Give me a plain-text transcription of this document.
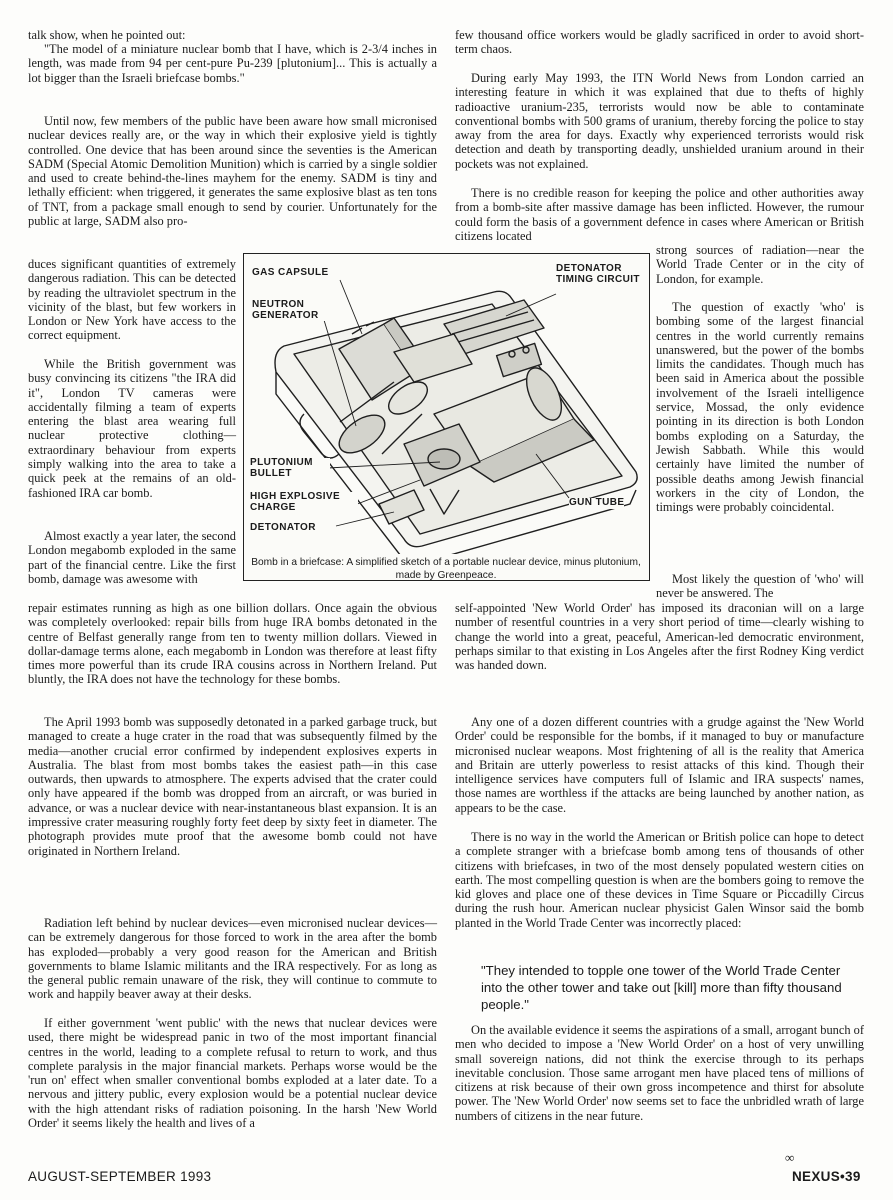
talk show, when he pointed out:

"The model of a miniature nuclear bomb that I have, which is 2-3/4 inches in length, was made from 94 per cent-pure Pu-239 [plutonium]... This is actually a lot bigger than the Israeli briefcase bombs."

Until now, few members of the public have been aware how small micronised nuclear devices really are, or the way in which their explosive yield is tightly controlled. One device that has been around since the seventies is the American SADM (Special Atomic Demolition Munition) which is carried by a single soldier and used to create behind-the-lines mayhem for the enemy. SADM is tiny and lethally efficient: when triggered, it generates the same explosive blast as ten tons of TNT, from a package small enough to send by courier. Unfortunately for the public at large, SADM also pro-

duces significant quantities of extremely dangerous radiation. This can be detected by reading the ultraviolet spectrum in the vicinity of the blast, but few workers in London or New York have access to the correct equipment.

While the British government was busy convincing its citizens "the IRA did it", London TV cameras were accidentally filming a team of experts entering the blast area wearing full nuclear protective clothing—extraordinary behaviour from experts simply walking into the area to take a quick peek at the remains of an old-fashioned IRA car bomb.

Almost exactly a year later, the second London megabomb exploded in the same part of the financial centre. Like the first bomb, damage was awesome with

repair estimates running as high as one billion dollars. Once again the obvious was completely overlooked: repair bills from huge IRA bombs detonated in the centre of Belfast generally range from ten to twenty million dollars. Viewed in dollar-damage terms alone, each megabomb in London was therefore at least fifty times more powerful than its crude IRA cousins across in Northern Ireland. Put bluntly, the IRA does not have the technology for these bombs.

The April 1993 bomb was supposedly detonated in a parked garbage truck, but managed to create a huge crater in the road that was subsequently filmed by the media—another crucial error confirmed by independent explosives experts in Australia. The blast from most bombs takes the easiest path—in this case outwards, then upwards to atmosphere. The experts advised that the crater could only have appeared if the bomb was dropped from an aircraft, or was buried in advance, or was a nuclear device with near-instantaneous blast expansion. It is an impressive crater measuring roughly forty feet deep by sixty feet in diameter. The photograph provides mute proof that the awesome bomb could not have originated in Northern Ireland.

Radiation left behind by nuclear devices—even micronised nuclear devices—can be extremely dangerous for those forced to work in the area after the bomb has exploded—probably a very good reason for the American and British governments to blame Islamic militants and the IRA respectively. For as long as the general public remain unaware of the risk, they will continue to commute to work and happily beaver away at their desks.

If either government 'went public' with the news that nuclear devices were used, there might be widespread panic in two of the most important financial centres in the world, leading to a complete refusal to return to work, and thus complete paralysis in the major financial markets. Perhaps worse would be the 'run on' effect when smaller conventional bombs exploded at a later date. To a nervous and jittery public, every explosion would be a potential nuclear device with the high attendant risks of radiation poisoning. In the harsh 'New World Order' it seems likely the health and lives of a

few thousand office workers would be gladly sacrificed in order to avoid short-term chaos.

During early May 1993, the ITN World News from London carried an interesting feature in which it was explained that due to thefts of highly radioactive uranium-235, terrorists would now be able to contaminate conventional bombs with 500 grams of uranium, thereby forcing the police to stay away from the area for days. Exactly why experienced terrorists would risk detection and death by transporting deadly, unshielded uranium around in their pockets was not explained.

There is no credible reason for keeping the police and other authorities away from a bomb-site after massive damage has been inflicted. However, the rumour could form the basis of a government defence in cases where American or British citizens located

strong sources of radiation—near the World Trade Center or in the city of London, for example.

The question of exactly 'who' is bombing some of the largest financial centres in the world currently remains unanswered, but the power of the bombs limits the candidates. Though much has been said in America about the possible involvement of the Israeli intelligence service, Mossad, the only evidence pointing in its direction is both London bombs exploding on a Saturday, the Jewish Sabbath. While this would certainly have limited the number of possible deaths among Jewish financial workers in the city of London, the timings were probably coincidental.

Most likely the question of 'who' will never be answered. The

self-appointed 'New World Order' has imposed its draconian will on a large number of resentful countries in a very short period of time—clearly wishing to change the world into a great, peaceful, American-led democratic environment, perhaps similar to that existing in Los Angeles after the first Rodney King verdict was handed down.

Any one of a dozen different countries with a grudge against the 'New World Order' could be responsible for the bombs, if it managed to buy or manufacture micronised nuclear weapons. Most frightening of all is the reality that America and Britain are utterly powerless to resist attacks of this kind. Though their intelligence services have computers full of Islamic and IRA suspects' names, those names are worthless if the attacks are being launched by another nation, as appears to be the case.

There is no way in the world the American or British police can hope to detect a complete stranger with a briefcase bomb among tens of thousands of other citizens with briefcases, in two of the most densely populated western cities on earth. The most compelling question is when are the bombers going to remove the kid gloves and place one of these devices in Time Square or Piccadilly Circus during the rush hour. American nuclear physicist Galen Winsor said the bomb planted in the World Trade Center was incorrectly placed:

"They intended to topple one tower of the World Trade Center into the other tower and take out [kill] more than fifty thousand people."

On the available evidence it seems the aspirations of a small, arrogant bunch of men who decided to impose a 'New World Order' on a host of very unwilling small sovereign nations, did not think the exercise through to its perhaps inevitable conclusion. Those same arrogant men have placed tens of millions of citizens at risk because of their own gross incompetence and thirst for absolute power. The 'New World Order' now seems set to face the unbridled wrath of large numbers of citizens in the near future.

∞
GAS CAPSULE
NEUTRON GENERATOR
DETONATOR TIMING CIRCUIT
PLUTONIUM BULLET
HIGH EXPLOSIVE CHARGE	GUN TUBE
DETONATOR
Bomb in a briefcase: A simplified sketch of a portable nuclear device, minus plutonium, made by Greenpeace.
AUGUST-SEPTEMBER 1993	NEXUS•39
